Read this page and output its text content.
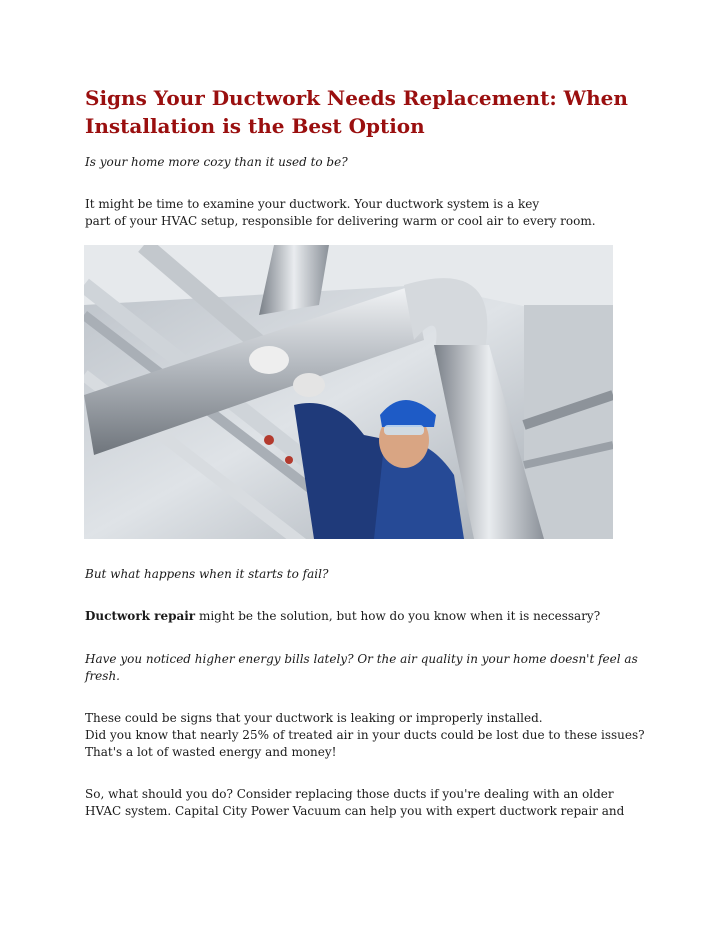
Signs Your Ductwork Needs Replacement: When Installation is the Best Option

Is your home more cozy than it used to be?

It might be time to examine your ductwork. Your ductwork system is a key

part of your HVAC setup, responsible for delivering warm or cool air to every room.

But what happens when it starts to fail?

Ductwork repair might be the solution, but how do you know when it is necessary?

Have you noticed higher energy bills lately? Or the air quality in your home doesn't feel as

fresh.

These could be signs that your ductwork is leaking or improperly installed.

Did you know that nearly 25% of treated air in your ducts could be lost due to these issues?

That's a lot of wasted energy and money!

So, what should you do? Consider replacing those ducts if you're dealing with an older

HVAC system. Capital City Power Vacuum can help you with expert ductwork repair and
